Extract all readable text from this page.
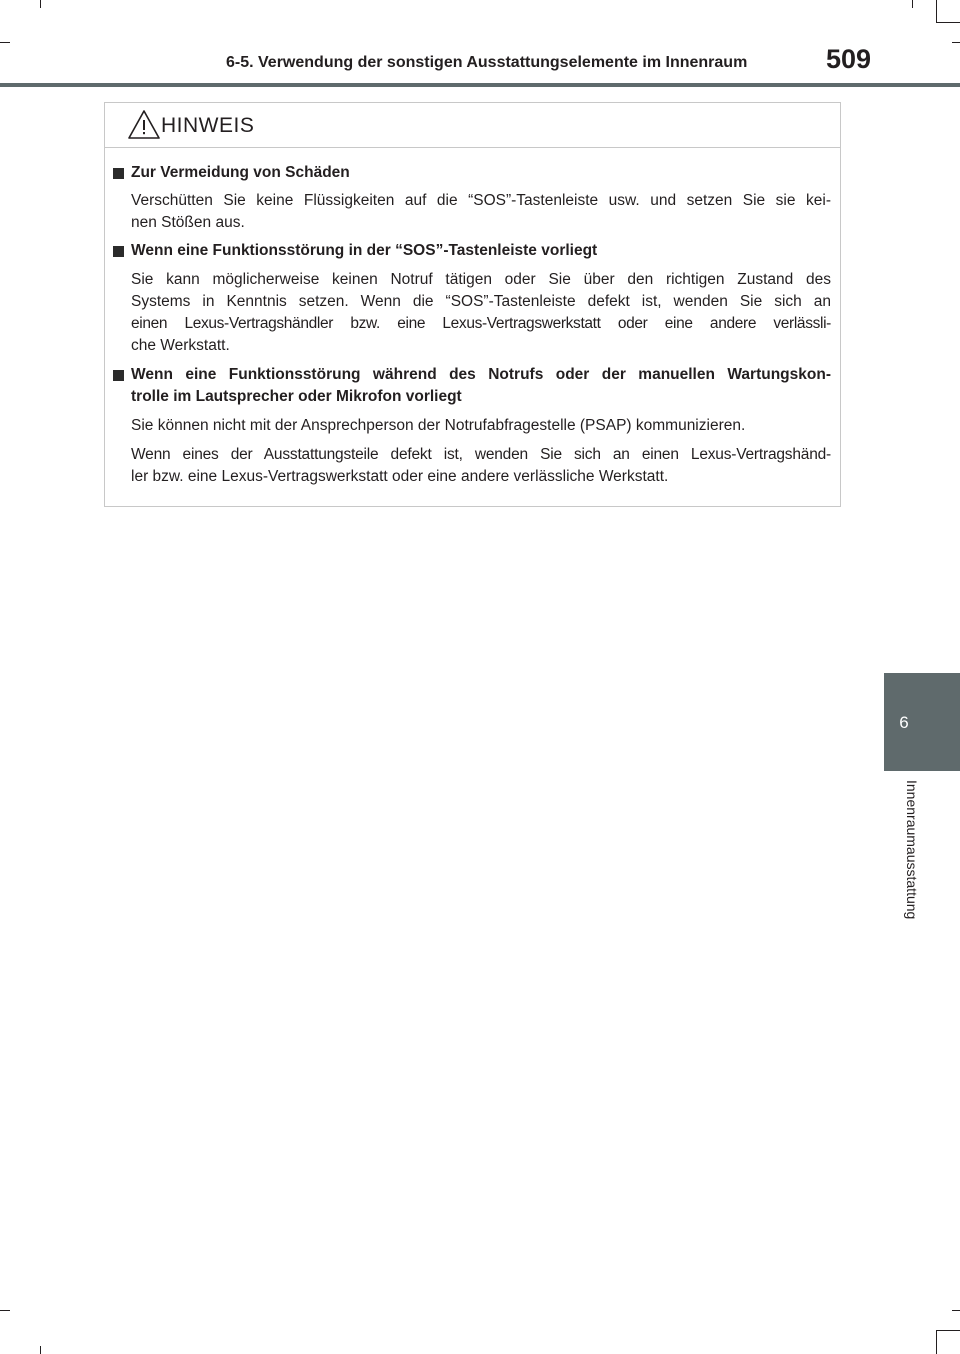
6-5. Verwendung der sonstigen Ausstattungselemente im Innenraum	509
HINWEIS
Zur Vermeidung von Schäden
Verschütten Sie keine Flüssigkeiten auf die “SOS”-Tastenleiste usw. und setzen Sie sie kei-
nen Stößen aus.
Wenn eine Funktionsstörung in der “SOS”-Tastenleiste vorliegt
Sie kann möglicherweise keinen Notruf tätigen oder Sie über den richtigen Zustand des
Systems in Kenntnis setzen. Wenn die “SOS”-Tastenleiste defekt ist, wenden Sie sich an
einen Lexus-Vertragshändler bzw. eine Lexus-Vertragswerkstatt oder eine andere verlässli-
che Werkstatt.
Wenn eine Funktionsstörung während des Notrufs oder der manuellen Wartungskon-
trolle im Lautsprecher oder Mikrofon vorliegt
Sie können nicht mit der Ansprechperson der Notrufabfragestelle (PSAP) kommunizieren.
Wenn eines der Ausstattungsteile defekt ist, wenden Sie sich an einen Lexus-Vertragshänd-
ler bzw. eine Lexus-Vertragswerkstatt oder eine andere verlässliche Werkstatt.
6
Innenraumausstattung
